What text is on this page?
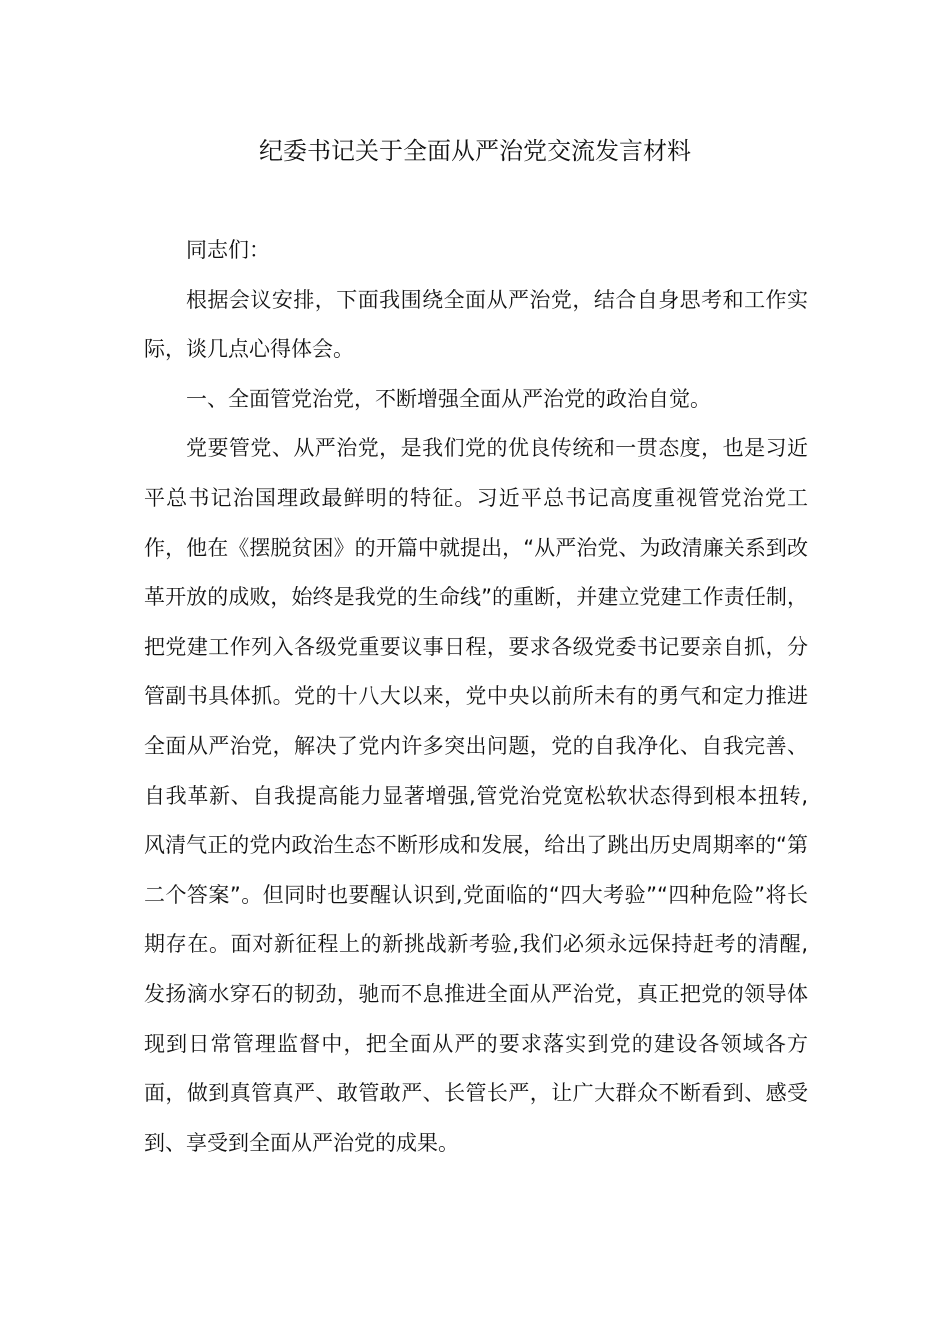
纪委书记关于全面从严治党交流发言材料

同志们：

根据会议安排，下面我围绕全面从严治党，结合自身思考和工作实际，谈几点心得体会。

一、全面管党治党，不断增强全面从严治党的政治自觉。

党要管党、从严治党，是我们党的优良传统和一贯态度，也是习近平总书记治国理政最鲜明的特征。习近平总书记高度重视管党治党工作，他在《摆脱贫困》的开篇中就提出，“从严治党、为政清廉关系到改革开放的成败，始终是我党的生命线”的重断，并建立党建工作责任制，把党建工作列入各级党重要议事日程，要求各级党委书记要亲自抓，分管副书具体抓。党的十八大以来，党中央以前所未有的勇气和定力推进全面从严治党，解决了党内许多突出问题，党的自我净化、自我完善、自我革新、自我提高能力显著增强,管党治党宽松软状态得到根本扭转,风清气正的党内政治生态不断形成和发展，给出了跳出历史周期率的“第二个答案”。但同时也要醒认识到,党面临的“四大考验”“四种危险”将长期存在。面对新征程上的新挑战新考验,我们必须永远保持赶考的清醒,发扬滴水穿石的韧劲，驰而不息推进全面从严治党，真正把党的领导体现到日常管理监督中，把全面从严的要求落实到党的建设各领域各方面，做到真管真严、敢管敢严、长管长严，让广大群众不断看到、感受到、享受到全面从严治党的成果。
